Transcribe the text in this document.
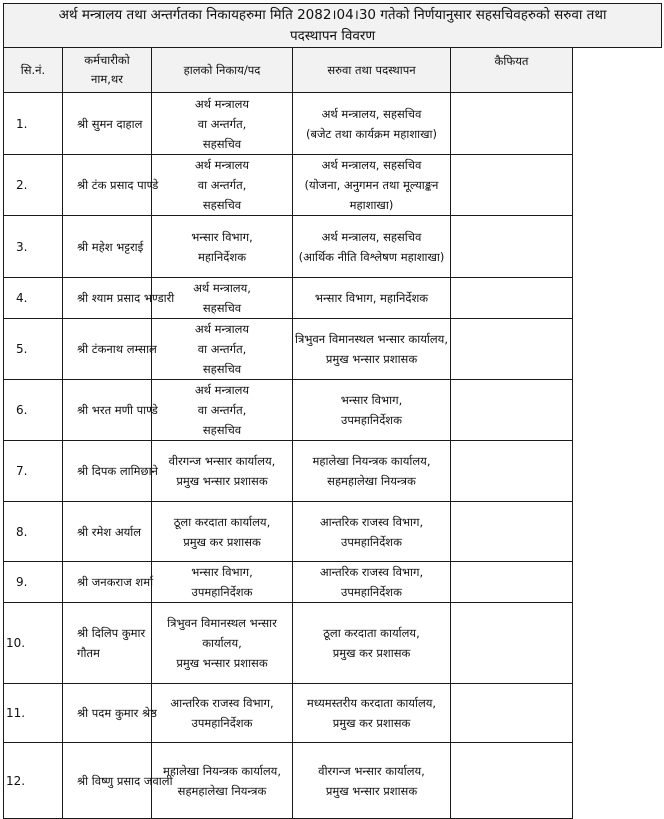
अर्थ मन्त्रालय तथा अन्तर्गतका निकायहरुमा मिति 2082।04।30 गतेको निर्णयानुसार सहसचिवहरुको सरुवा तथा
पदस्थापन विवरण				

सि.नं.	कर्मचारीको
नाम,थर	हालको निकाय/पद	सरुवा तथा पदस्थापन	कैफियत
1.	श्री सुमन दाहाल	अर्थ मन्त्रालय
वा अन्तर्गत,
सहसचिव	अर्थ मन्त्रालय, सहसचिव
(बजेट तथा कार्यक्रम महाशाखा)	

2.	श्री टंक प्रसाद पाण्डे	अर्थ मन्त्रालय
वा अन्तर्गत,
सहसचिव	अर्थ मन्त्रालय, सहसचिव
(योजना, अनुगमन तथा मूल्याङ्कन
महाशाखा)	

3.	श्री महेश भट्टराई	भन्सार विभाग,
महानिर्देशक	अर्थ मन्त्रालय, सहसचिव
(आर्थिक नीति विश्लेषण महाशाखा)	

4.	श्री श्याम प्रसाद भण्डारी	अर्थ मन्त्रालय,
सहसचिव	भन्सार विभाग, महानिर्देशक	

5.	श्री टंकनाथ लम्साल	अर्थ मन्त्रालय
वा अन्तर्गत,
सहसचिव	त्रिभुवन विमानस्थल भन्सार कार्यालय,
प्रमुख भन्सार प्रशासक	

6.	श्री भरत मणी पाण्डे	अर्थ मन्त्रालय
वा अन्तर्गत,
सहसचिव	भन्सार विभाग,
उपमहानिर्देशक	

7.	श्री दिपक लामिछाने	वीरगन्ज भन्सार कार्यालय,
प्रमुख भन्सार प्रशासक	महालेखा नियन्त्रक कार्यालय,
सहमहालेखा नियन्त्रक	

8.	श्री रमेश अर्याल	ठूला करदाता कार्यालय,
प्रमुख कर प्रशासक	आन्तरिक राजस्व विभाग,
उपमहानिर्देशक	

9.	श्री जनकराज शर्मा	भन्सार विभाग,
उपमहानिर्देशक	आन्तरिक राजस्व विभाग,
उपमहानिर्देशक	

10.	श्री दिलिप कुमार
गौतम	त्रिभुवन विमानस्थल भन्सार
कार्यालय,
प्रमुख भन्सार प्रशासक	ठूला करदाता कार्यालय,
प्रमुख कर प्रशासक	

11.	श्री पदम कुमार श्रेष्ठ	आन्तरिक राजस्व विभाग,
उपमहानिर्देशक	मध्यमस्तरीय करदाता कार्यालय,
प्रमुख कर प्रशासक	

12.	श्री विष्णु प्रसाद जवाली	महालेखा नियन्त्रक कार्यालय,
सहमहालेखा नियन्त्रक	वीरगन्ज भन्सार कार्यालय,
प्रमुख भन्सार प्रशासक	
